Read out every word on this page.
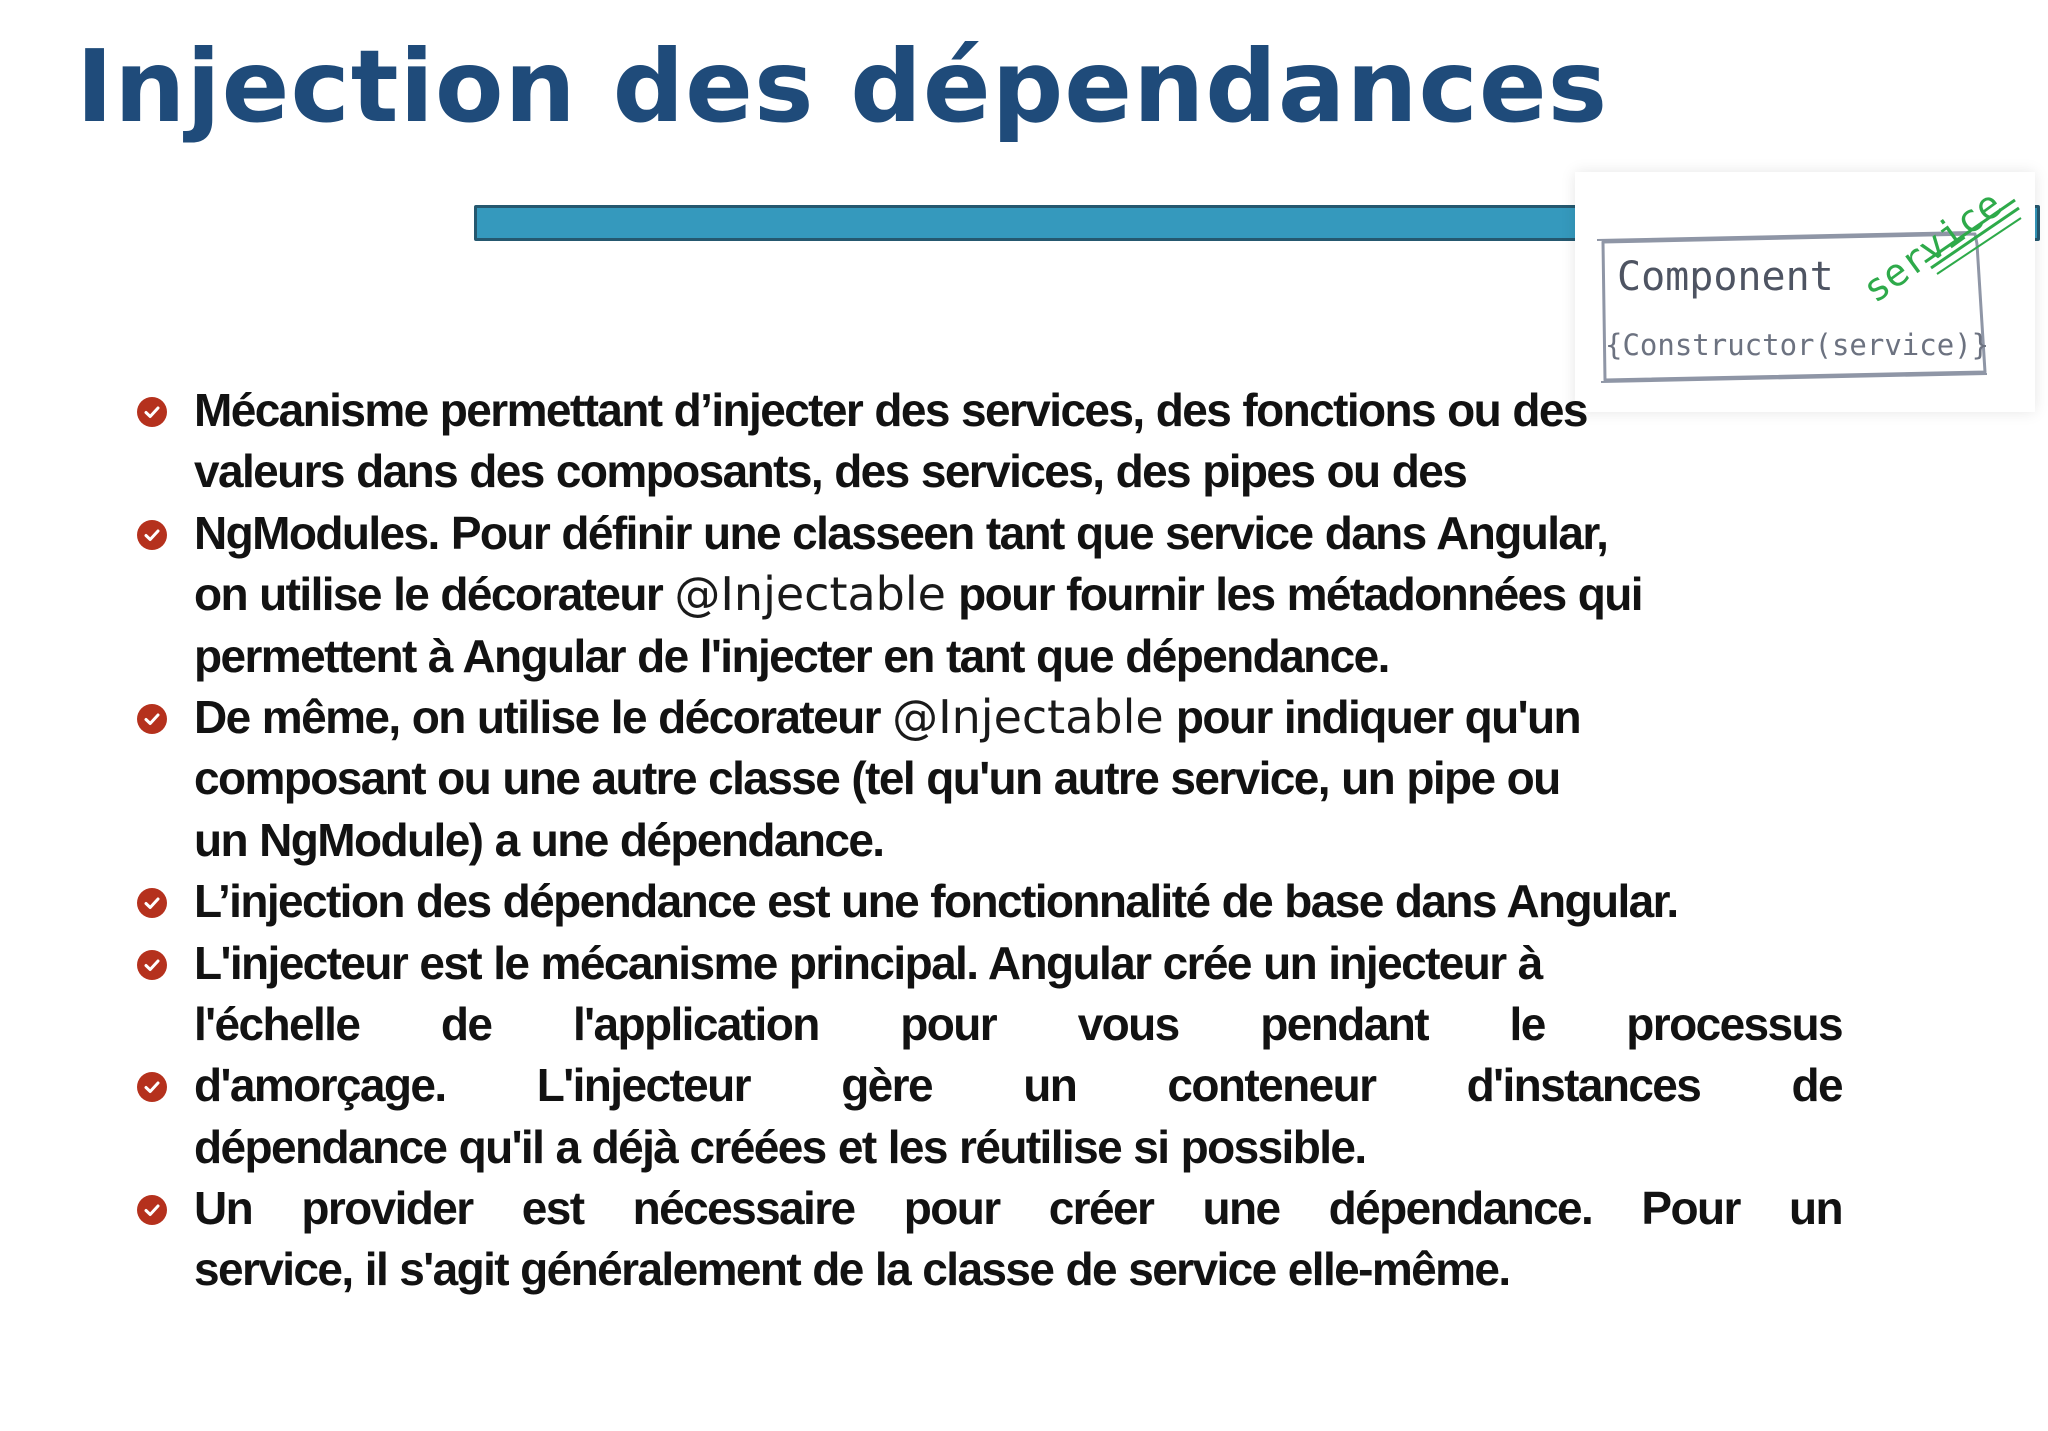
Injection des dépendances
Component
{Constructor(service)}
service
Mécanisme permettant d’injecter des services, des fonctions ou des
valeurs dans des composants, des services, des pipes ou des
NgModules. Pour définir une classeen tant que service dans Angular,
on utilise le décorateur @Injectable pour fournir les métadonnées qui
permettent à Angular de l'injecter en tant que dépendance.
De même, on utilise le décorateur @Injectable pour indiquer qu'un
composant ou une autre classe (tel qu'un autre service, un pipe ou
un NgModule) a une dépendance.
L’injection des dépendance est une fonctionnalité de base dans Angular.
L'injecteur est le mécanisme principal. Angular crée un injecteur à
l'échelle de l'application pour vous pendant le processus
d'amorçage. L'injecteur gère un conteneur d'instances de
dépendance qu'il a déjà créées et les réutilise si possible.
Un provider est nécessaire pour créer une dépendance. Pour un
service, il s'agit généralement de la classe de service elle-même.
